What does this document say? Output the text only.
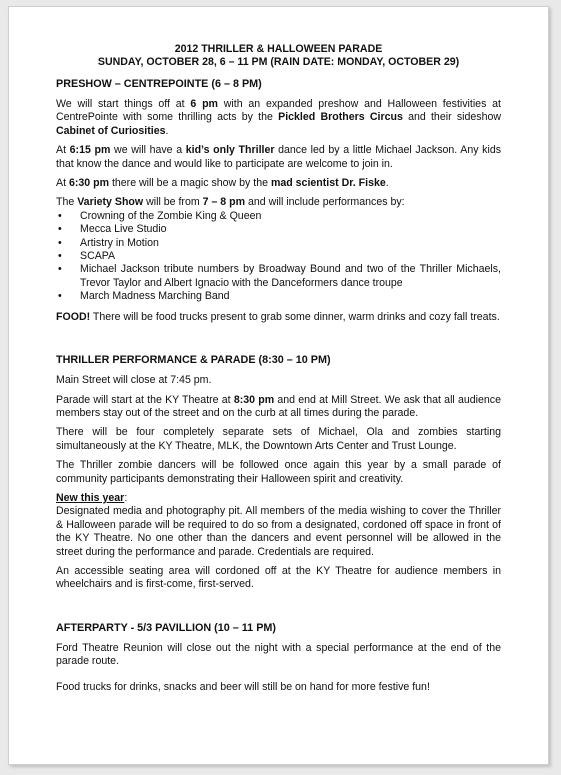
2012 THRILLER & HALLOWEEN PARADE

SUNDAY, OCTOBER 28, 6 – 11 PM (RAIN DATE: MONDAY, OCTOBER 29)

PRESHOW – CENTREPOINTE (6 – 8 PM)

We will start things off at 6 pm with an expanded preshow and Halloween festivities at CentrePointe with some thrilling acts by the Pickled Brothers Circus and their sideshow Cabinet of Curiosities.

At 6:15 pm we will have a kid’s only Thriller dance led by a little Michael Jackson. Any kids that know the dance and would like to participate are welcome to join in.

At 6:30 pm there will be a magic show by the mad scientist Dr. Fiske.

The Variety Show will be from 7 – 8 pm and will include performances by:

• Crowning of the Zombie King & Queen
• Mecca Live Studio
• Artistry in Motion
• SCAPA
• Michael Jackson tribute numbers by Broadway Bound and two of the Thriller Michaels, Trevor Taylor and Albert Ignacio with the Danceformers dance troupe
• March Madness Marching Band

FOOD! There will be food trucks present to grab some dinner, warm drinks and cozy fall treats.

THRILLER PERFORMANCE & PARADE (8:30 – 10 PM)

Main Street will close at 7:45 pm.

Parade will start at the KY Theatre at 8:30 pm and end at Mill Street. We ask that all audience members stay out of the street and on the curb at all times during the parade.

There will be four completely separate sets of Michael, Ola and zombies starting simultaneously at the KY Theatre, MLK, the Downtown Arts Center and Trust Lounge.

The Thriller zombie dancers will be followed once again this year by a small parade of community participants demonstrating their Halloween spirit and creativity.

New this year:
Designated media and photography pit. All members of the media wishing to cover the Thriller & Halloween parade will be required to do so from a designated, cordoned off space in front of the KY Theatre. No one other than the dancers and event personnel will be allowed in the street during the performance and parade. Credentials are required.

An accessible seating area will cordoned off at the KY Theatre for audience members in wheelchairs and is first-come, first-served.

AFTERPARTY - 5/3 PAVILLION (10 – 11 PM)

Ford Theatre Reunion will close out the night with a special performance at the end of the parade route.

Food trucks for drinks, snacks and beer will still be on hand for more festive fun!
